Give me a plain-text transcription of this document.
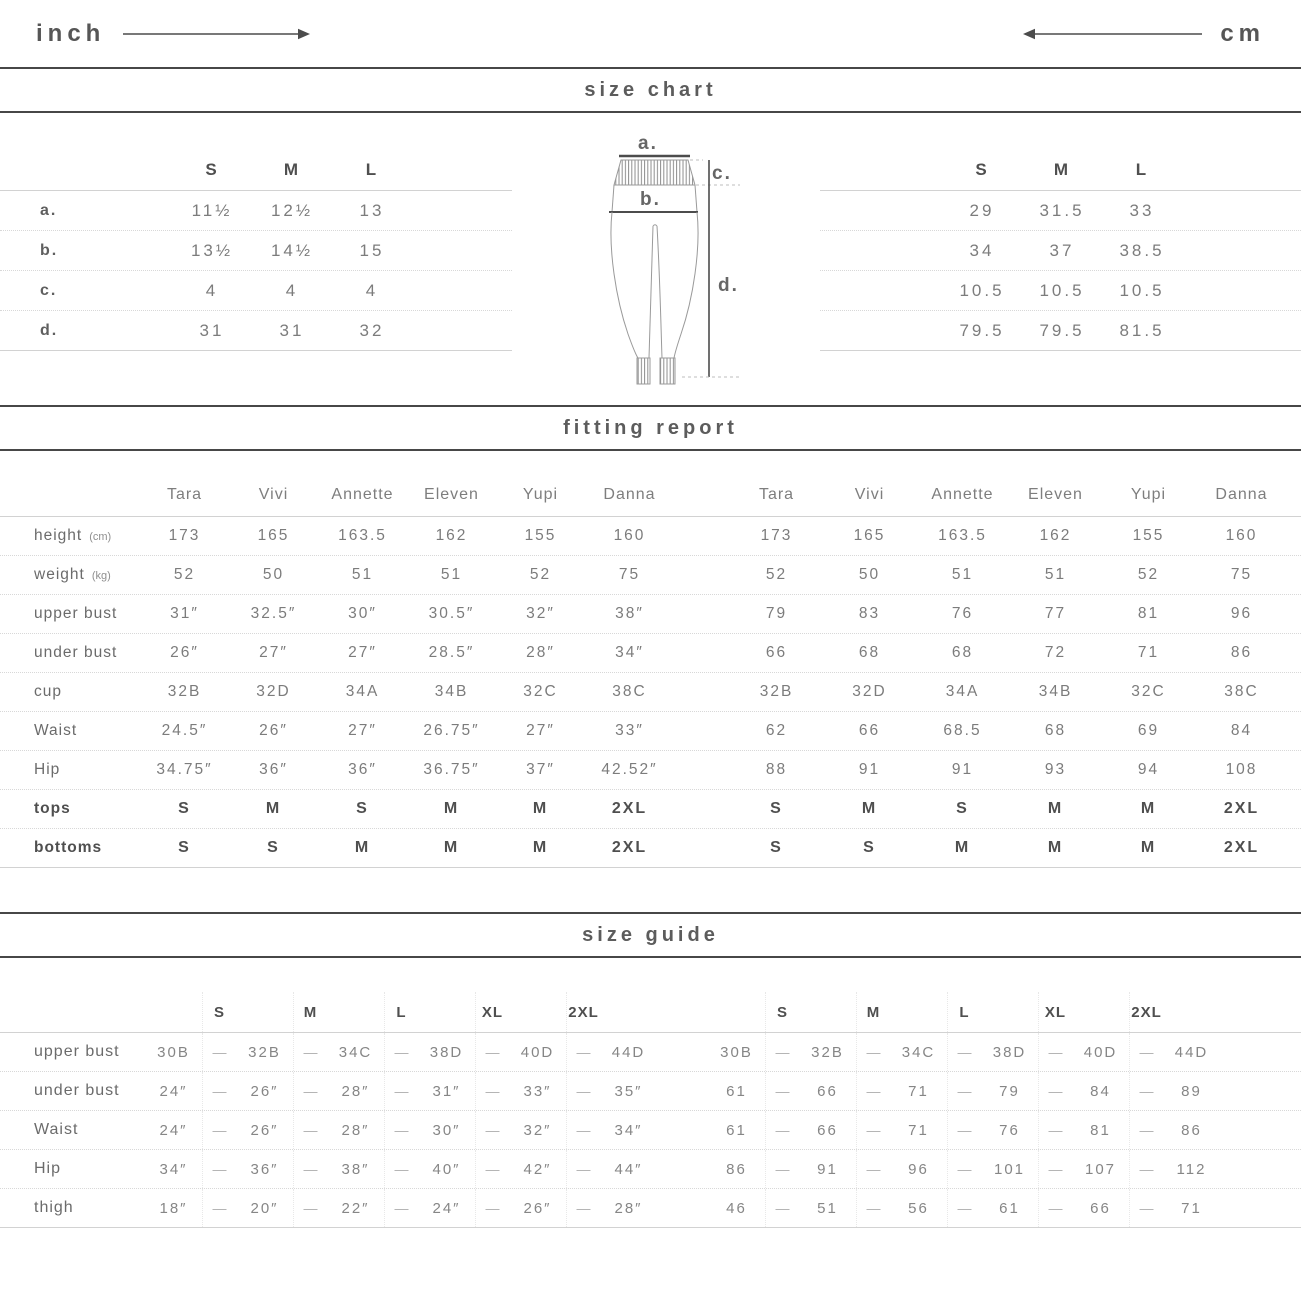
inch	cm
size chart
S	M	L
a.	11½	12½	13
b.	13½	14½	15
c.	4	4	4
d.	31	31	32
a.
b.
c.
d.
S	M	L
29	31.5	33
34	37	38.5
10.5	10.5	10.5
79.5	79.5	81.5
fitting report
Tara	Vivi	Annette	Eleven	Yupi	Danna	Tara	Vivi	Annette	Eleven	Yupi	Danna
height (cm)	173	165	163.5	162	155	160	173	165	163.5	162	155	160
weight (kg)	52	50	51	51	52	75	52	50	51	51	52	75
upper bust	31″	32.5″	30″	30.5″	32″	38″	79	83	76	77	81	96
under bust	26″	27″	27″	28.5″	28″	34″	66	68	68	72	71	86
cup	32B	32D	34A	34B	32C	38C	32B	32D	34A	34B	32C	38C
Waist	24.5″	26″	27″	26.75″	27″	33″	62	66	68.5	68	69	84
Hip	34.75″	36″	36″	36.75″	37″	42.52″	88	91	91	93	94	108
tops	S	M	S	M	M	2XL	S	M	S	M	M	2XL
bottoms	S	S	M	M	M	2XL	S	S	M	M	M	2XL
size guide
S	M	L	XL	2XL	S	M	L	XL	2XL
upper bust	30B	—	32B	—	34C	—	38D	—	40D	—	44D	30B	—	32B	—	34C	—	38D	—	40D	—	44D
under bust	24″	—	26″	—	28″	—	31″	—	33″	—	35″	61	—	66	—	71	—	79	—	84	—	89
Waist	24″	—	26″	—	28″	—	30″	—	32″	—	34″	61	—	66	—	71	—	76	—	81	—	86
Hip	34″	—	36″	—	38″	—	40″	—	42″	—	44″	86	—	91	—	96	—	101	—	107	—	112
thigh	18″	—	20″	—	22″	—	24″	—	26″	—	28″	46	—	51	—	56	—	61	—	66	—	71
